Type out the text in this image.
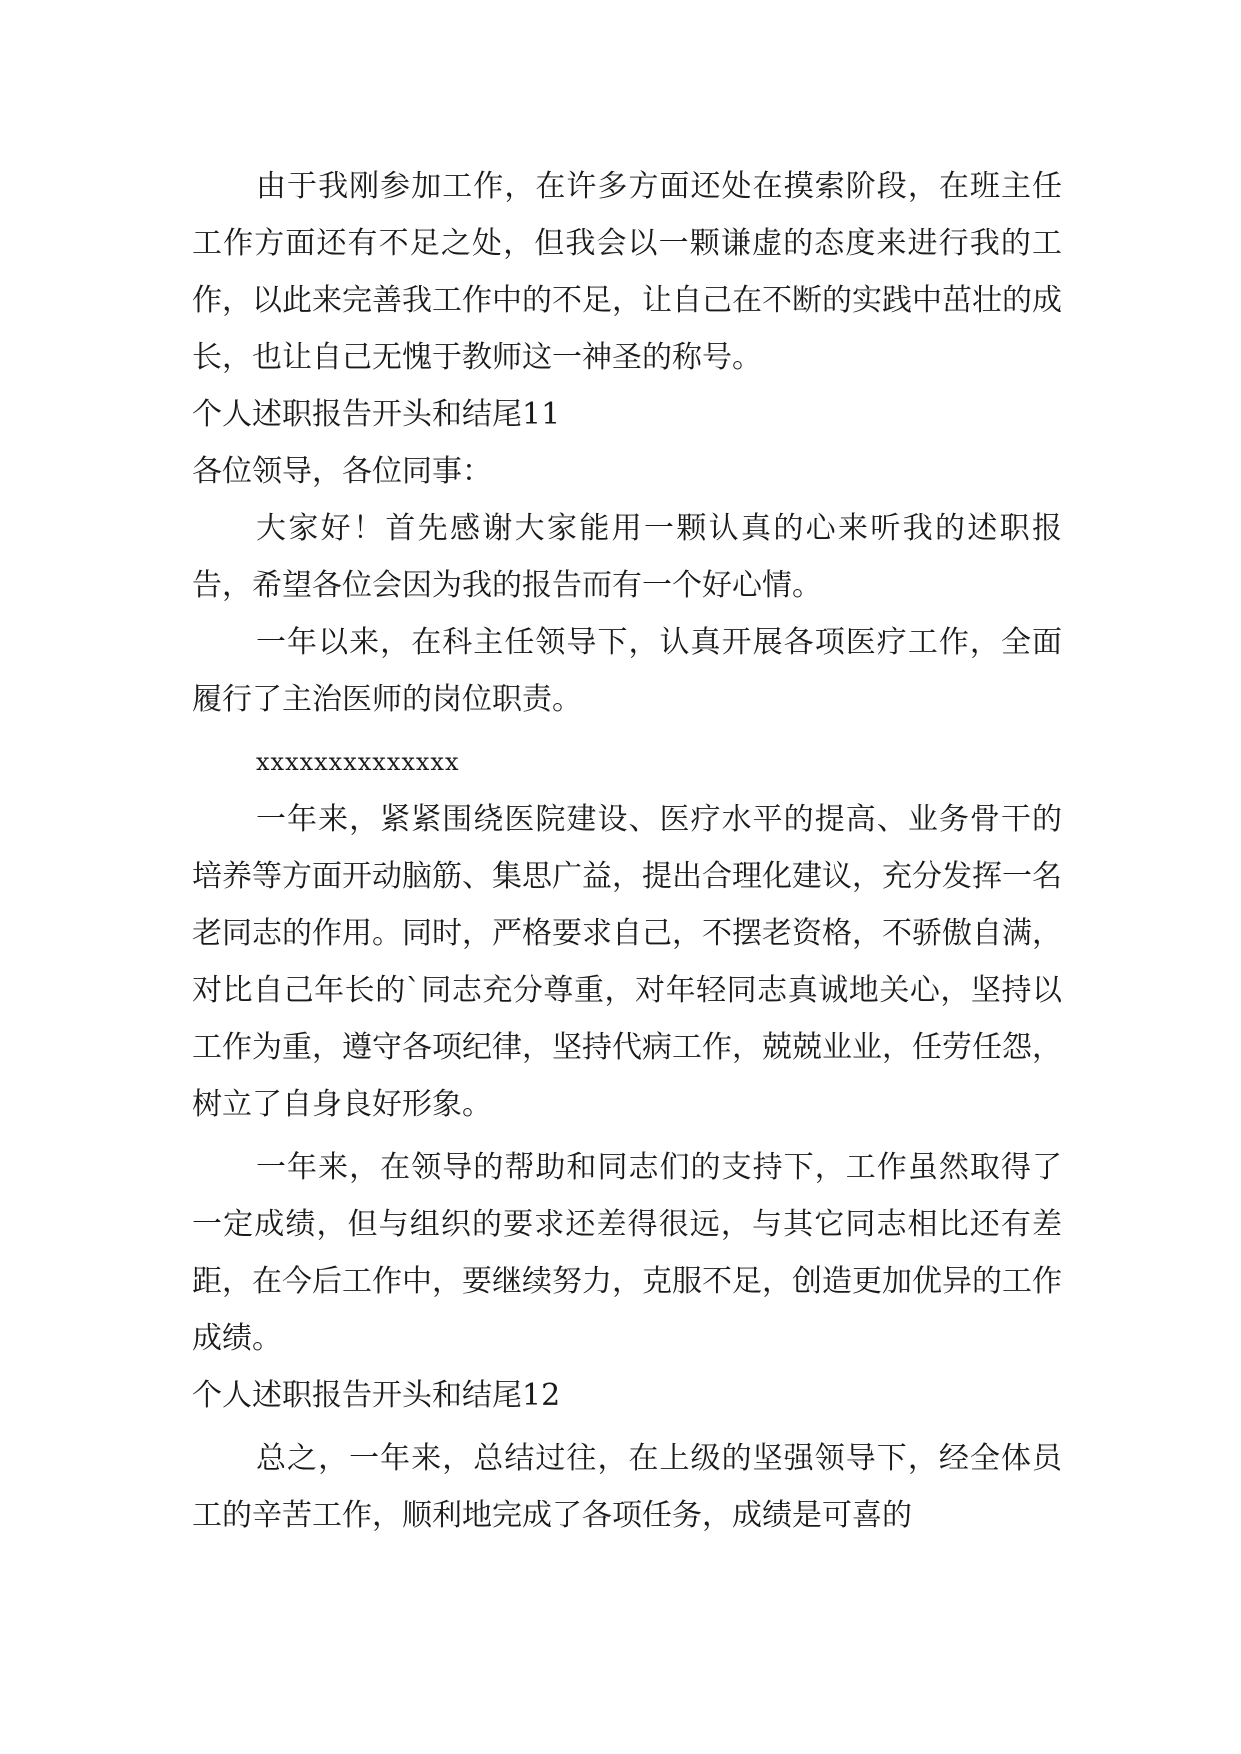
由于我刚参加工作，在许多方面还处在摸索阶段，在班主任工作方面还有不足之处，但我会以一颗谦虚的态度来进行我的工作，以此来完善我工作中的不足，让自己在不断的实践中茁壮的成长，也让自己无愧于教师这一神圣的称号。

个人述职报告开头和结尾11

各位领导，各位同事：

大家好！首先感谢大家能用一颗认真的心来听我的述职报告，希望各位会因为我的报告而有一个好心情。

一年以来，在科主任领导下，认真开展各项医疗工作，全面履行了主治医师的岗位职责。

xxxxxxxxxxxxxx

一年来，紧紧围绕医院建设、医疗水平的提高、业务骨干的培养等方面开动脑筋、集思广益，提出合理化建议，充分发挥一名老同志的作用。同时，严格要求自己，不摆老资格，不骄傲自满，对比自己年长的`同志充分尊重，对年轻同志真诚地关心，坚持以工作为重，遵守各项纪律，坚持代病工作，兢兢业业，任劳任怨，树立了自身良好形象。

一年来，在领导的帮助和同志们的支持下，工作虽然取得了一定成绩，但与组织的要求还差得很远，与其它同志相比还有差距，在今后工作中，要继续努力，克服不足，创造更加优异的工作成绩。

个人述职报告开头和结尾12

总之，一年来，总结过往，在上级的坚强领导下，经全体员工的辛苦工作，顺利地完成了各项任务，成绩是可喜的
